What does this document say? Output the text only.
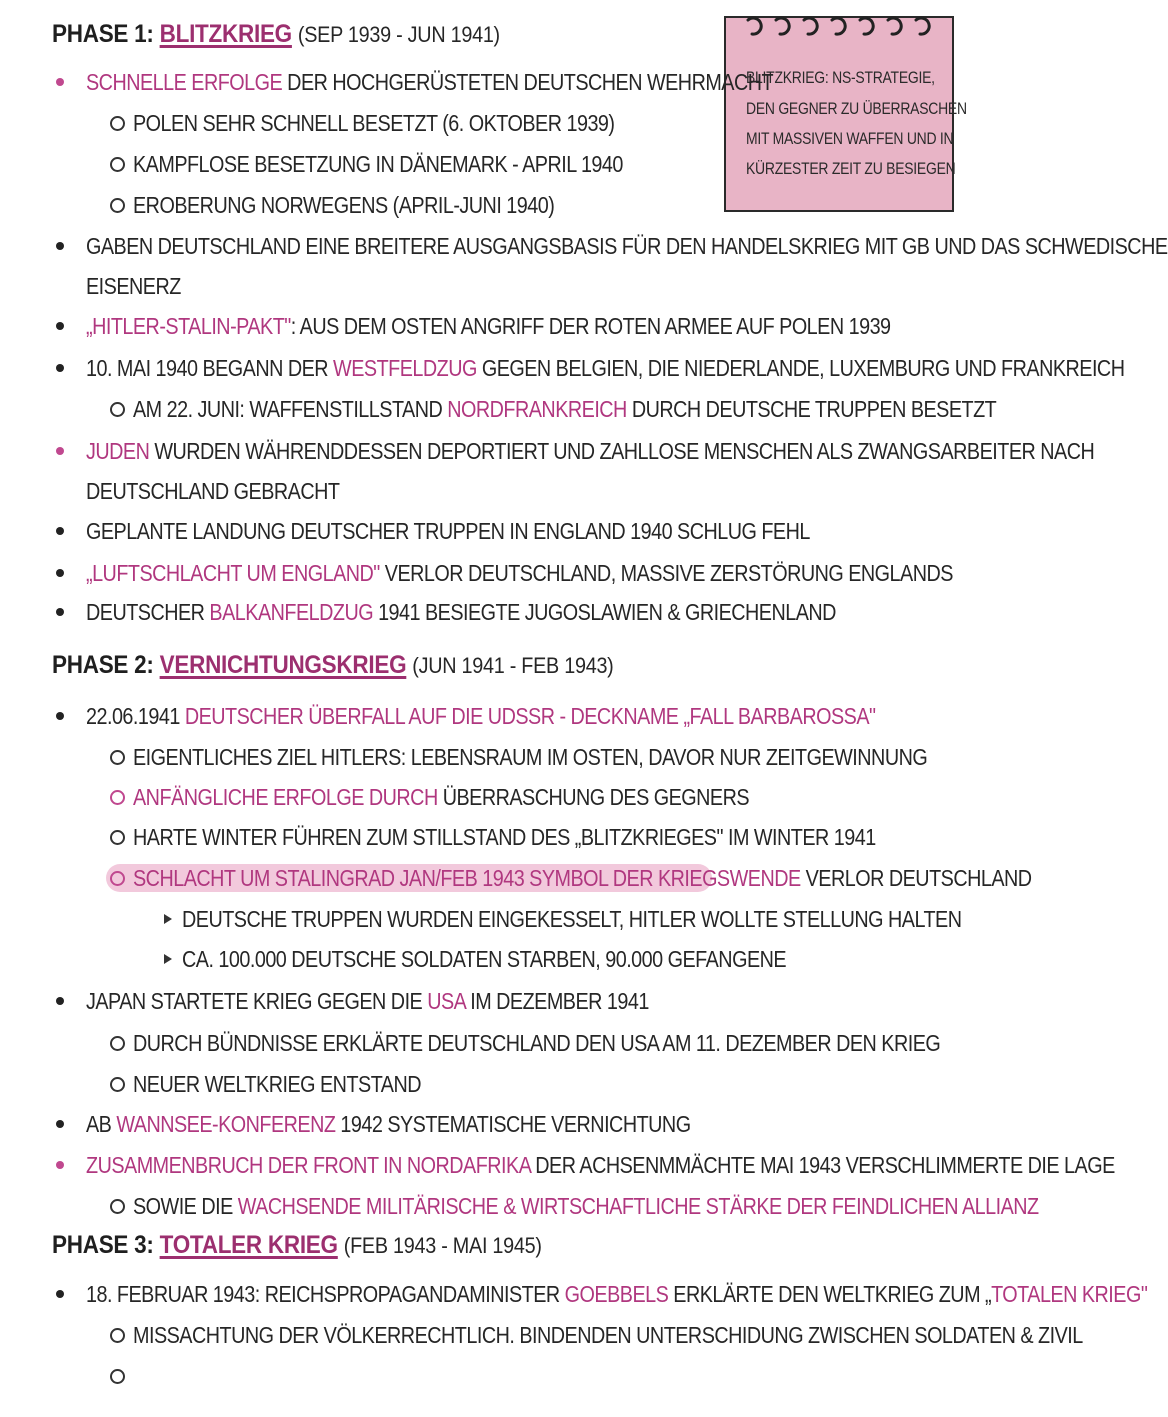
PHASE 1: BLITZKRIEG (SEP 1939 - JUN 1941)
BLITZKRIEG: NS-STRATEGIE,
DEN GEGNER ZU ÜBERRASCHEN
MIT MASSIVEN WAFFEN UND IN
KÜRZESTER ZEIT ZU BESIEGEN
SCHNELLE ERFOLGE DER HOCHGERÜSTETEN DEUTSCHEN WEHRMACHT
POLEN SEHR SCHNELL BESETZT (6. OKTOBER 1939)
KAMPFLOSE BESETZUNG IN DÄNEMARK - APRIL 1940
EROBERUNG NORWEGENS (APRIL-JUNI 1940)
GABEN DEUTSCHLAND EINE BREITERE AUSGANGSBASIS FÜR DEN HANDELSKRIEG MIT GB UND DAS SCHWEDISCHE
EISENERZ
„HITLER-STALIN-PAKT": AUS DEM OSTEN ANGRIFF DER ROTEN ARMEE AUF POLEN 1939
10. MAI 1940 BEGANN DER WESTFELDZUG GEGEN BELGIEN, DIE NIEDERLANDE, LUXEMBURG UND FRANKREICH
AM 22. JUNI: WAFFENSTILLSTAND NORDFRANKREICH DURCH DEUTSCHE TRUPPEN BESETZT
JUDEN WURDEN WÄHRENDDESSEN DEPORTIERT UND ZAHLLOSE MENSCHEN ALS ZWANGSARBEITER NACH
DEUTSCHLAND GEBRACHT
GEPLANTE LANDUNG DEUTSCHER TRUPPEN IN ENGLAND 1940 SCHLUG FEHL
„LUFTSCHLACHT UM ENGLAND" VERLOR DEUTSCHLAND, MASSIVE ZERSTÖRUNG ENGLANDS
DEUTSCHER BALKANFELDZUG 1941 BESIEGTE JUGOSLAWIEN & GRIECHENLAND
PHASE 2: VERNICHTUNGSKRIEG (JUN 1941 - FEB 1943)
22.06.1941 DEUTSCHER ÜBERFALL AUF DIE UDSSR - DECKNAME „FALL BARBAROSSA"
EIGENTLICHES ZIEL HITLERS: LEBENSRAUM IM OSTEN, DAVOR NUR ZEITGEWINNUNG
ANFÄNGLICHE ERFOLGE DURCH ÜBERRASCHUNG DES GEGNERS
HARTE WINTER FÜHREN ZUM STILLSTAND DES „BLITZKRIEGES" IM WINTER 1941
SCHLACHT UM STALINGRAD JAN/FEB 1943 SYMBOL DER KRIEGSWENDE VERLOR DEUTSCHLAND
DEUTSCHE TRUPPEN WURDEN EINGEKESSELT, HITLER WOLLTE STELLUNG HALTEN
CA. 100.000 DEUTSCHE SOLDATEN STARBEN, 90.000 GEFANGENE
JAPAN STARTETE KRIEG GEGEN DIE USA IM DEZEMBER 1941
DURCH BÜNDNISSE ERKLÄRTE DEUTSCHLAND DEN USA AM 11. DEZEMBER DEN KRIEG
NEUER WELTKRIEG ENTSTAND
AB WANNSEE-KONFERENZ 1942 SYSTEMATISCHE VERNICHTUNG
ZUSAMMENBRUCH DER FRONT IN NORDAFRIKA DER ACHSENMMÄCHTE MAI 1943 VERSCHLIMMERTE DIE LAGE
SOWIE DIE WACHSENDE MILITÄRISCHE & WIRTSCHAFTLICHE STÄRKE DER FEINDLICHEN ALLIANZ
PHASE 3: TOTALER KRIEG (FEB 1943 - MAI 1945)
18. FEBRUAR 1943: REICHSPROPAGANDAMINISTER GOEBBELS ERKLÄRTE DEN WELTKRIEG ZUM „TOTALEN KRIEG"
MISSACHTUNG DER VÖLKERRECHTLICH. BINDENDEN UNTERSCHIDUNG ZWISCHEN SOLDATEN & ZIVIL
